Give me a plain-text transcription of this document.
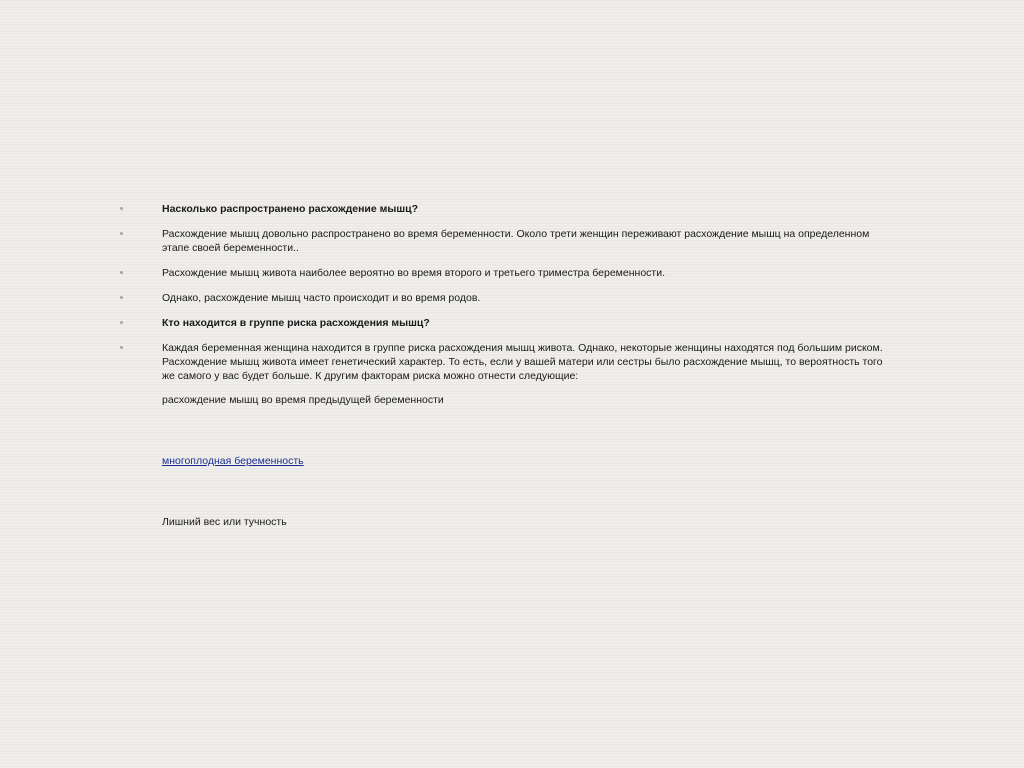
Насколько распространено расхождение мышц?
Расхождение мышц довольно распространено во время беременности. Около трети женщин переживают расхождение мышц на определенном этапе своей беременности..
Расхождение мышц живота наиболее вероятно во время второго и третьего триместра беременности.
Однако, расхождение мышц часто происходит и во время родов.
Кто находится в группе риска расхождения мышц?
Каждая беременная женщина находится в группе риска расхождения мышц живота. Однако, некоторые женщины находятся под большим риском. Расхождение мышц живота имеет генетический характер. То есть, если у вашей матери или сестры было расхождение мышц, то вероятность того же самого у вас будет больше. К другим факторам риска можно отнести следующие:
расхождение мышц во время предыдущей беременности
многоплодная беременность
Лишний вес или тучность
